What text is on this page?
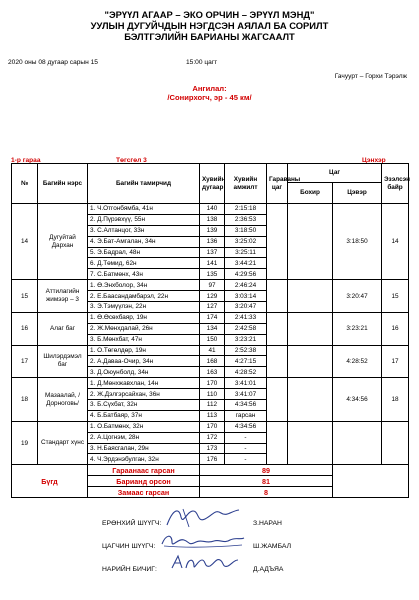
"ЭРҮҮЛ АГААР – ЭКО ОРЧИН – ЭРҮҮЛ МЭНД"
УУЛЫН ДУГУЙЧДЫН НЭГДСЭН АЯЛАЛ БА СОРИЛТ
БЭЛТГЭЛИЙН БАРИАНЫ ЖАГСААЛТ
2020 оны 08 дугаар сарын 15	15:00 цагт
Гачуурт – Горхи Тэрэлж
Ангилал:
/Сонирхогч, эр - 45 км/
1-р гараа	Төгсгөл 3	Цэнхэр
№	Багийн нэрс	Багийн тамирчид	Хувийн дугаар	Хувийн амжилт	Гараваны цаг	Цаг		Эзэлсэн байр
						Бохир	Цэвэр	
14	Дугуйтай Дархан	1. Ч.Отгонбямба, 41н	140	2:15:18			3:18:50	14
		2. Д.Пүрэвхүү, 55н	138	2:36:53				
		3. С.Алтанцог, 33н	139	3:18:50				
		4. Э.Бат-Амгалан, 34н	136	3:25:02				
		5. Э.Бадрал, 48н	137	3:25:11				
		6. Д.Төмид, 62н	141	3:44:21				
		7. С.Батмөнх, 43н	135	4:29:56				
15	Аттилагийн жимээр – 3	1. Ө.Энхболор, 34н	97	2:46:24			3:20:47	15
		2. Е.Баасандамбарэл, 22н	129	3:03:14				
		3. Э.Тэмүүлэн, 22н	127	3:20:47				
16	Алаг баг	1. Ө.Өсөхбаяр, 19н	174	2:41:33			3:23:21	16
		2. Ж.Мөнхдалай, 26н	134	2:42:58				
		3. Б.Мөнхбат, 47н	150	3:23:21				
17	Шилэрдэмэл баг	1. О.Төгөлдөр, 19н	41	2:52:38			4:28:52	17
		2. А.Даваа-Очир, 34н	168	4:27:15				
		3. Д.Оюунболд, 34н	163	4:28:52				
18	Мазаалай, /Дорноговь/	1. Д.Мөнхжавхлан, 14н	170	3:41:01			4:34:56	18
		2. Ж.Дэлгэрсайхан, 36н	110	3:41:07				
		3. Б.Сүхбат, 32н	112	4:34:56				
		4. Б.Батбаяр, 37н	113	гарсан				
19	Стандарт хүнс	1. О.Батмөнх, 32н	170	4:34:56				
		2. А.Цогнэм, 28н	172	-				
		3. Н.Баясгалан, 29н	173	-				
		4. Ч.Эрдэнэбулган, 32н	176	-				
Бүгд		Гараанаас гарсан	89					
		Барианд орсон	81					
		Замаас гарсан	8					
ЕРӨНХИЙ ШҮҮГЧ:	З.НАРАН
ЦАГЧИН ШҮҮГЧ:	Ш.ЖАМБАЛ
НАРИЙН БИЧИГ:	Д.АДЪЯА
